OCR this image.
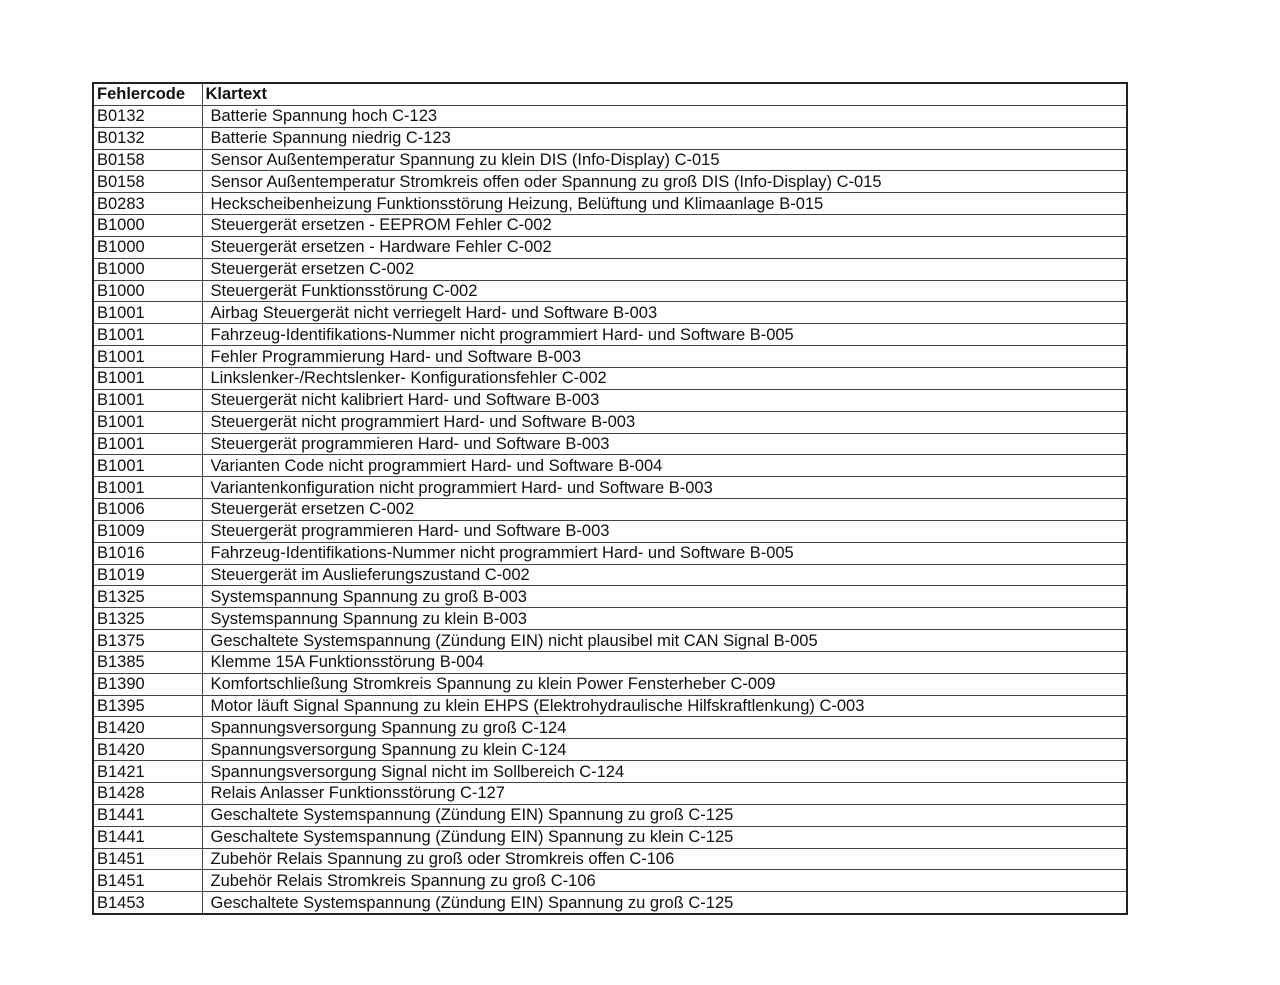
Fehlercode	Klartext
B0132	Batterie Spannung hoch C-123
B0132	Batterie Spannung niedrig C-123
B0158	Sensor Außentemperatur Spannung zu klein DIS (Info-Display) C-015
B0158	Sensor Außentemperatur Stromkreis offen oder Spannung zu groß DIS (Info-Display) C-015
B0283	Heckscheibenheizung Funktionsstörung Heizung, Belüftung und Klimaanlage B-015
B1000	Steuergerät ersetzen - EEPROM Fehler C-002
B1000	Steuergerät ersetzen - Hardware Fehler C-002
B1000	Steuergerät ersetzen C-002
B1000	Steuergerät Funktionsstörung C-002
B1001	Airbag Steuergerät nicht verriegelt Hard- und Software B-003
B1001	Fahrzeug-Identifikations-Nummer nicht programmiert Hard- und Software B-005
B1001	Fehler Programmierung Hard- und Software B-003
B1001	Linkslenker-/Rechtslenker- Konfigurationsfehler C-002
B1001	Steuergerät nicht kalibriert Hard- und Software B-003
B1001	Steuergerät nicht programmiert Hard- und Software B-003
B1001	Steuergerät programmieren Hard- und Software B-003
B1001	Varianten Code nicht programmiert Hard- und Software B-004
B1001	Variantenkonfiguration nicht programmiert Hard- und Software B-003
B1006	Steuergerät ersetzen C-002
B1009	Steuergerät programmieren Hard- und Software B-003
B1016	Fahrzeug-Identifikations-Nummer nicht programmiert Hard- und Software B-005
B1019	Steuergerät im Auslieferungszustand C-002
B1325	Systemspannung Spannung zu groß B-003
B1325	Systemspannung Spannung zu klein B-003
B1375	Geschaltete Systemspannung (Zündung EIN) nicht plausibel mit CAN Signal B-005
B1385	Klemme 15A Funktionsstörung B-004
B1390	Komfortschließung Stromkreis Spannung zu klein Power Fensterheber C-009
B1395	Motor läuft Signal Spannung zu klein EHPS (Elektrohydraulische Hilfskraftlenkung) C-003
B1420	Spannungsversorgung Spannung zu groß C-124
B1420	Spannungsversorgung Spannung zu klein C-124
B1421	Spannungsversorgung Signal nicht im Sollbereich C-124
B1428	Relais Anlasser Funktionsstörung C-127
B1441	Geschaltete Systemspannung (Zündung EIN) Spannung zu groß C-125
B1441	Geschaltete Systemspannung (Zündung EIN) Spannung zu klein C-125
B1451	Zubehör Relais Spannung zu groß oder Stromkreis offen C-106
B1451	Zubehör Relais Stromkreis Spannung zu groß C-106
B1453	Geschaltete Systemspannung (Zündung EIN) Spannung zu groß C-125
